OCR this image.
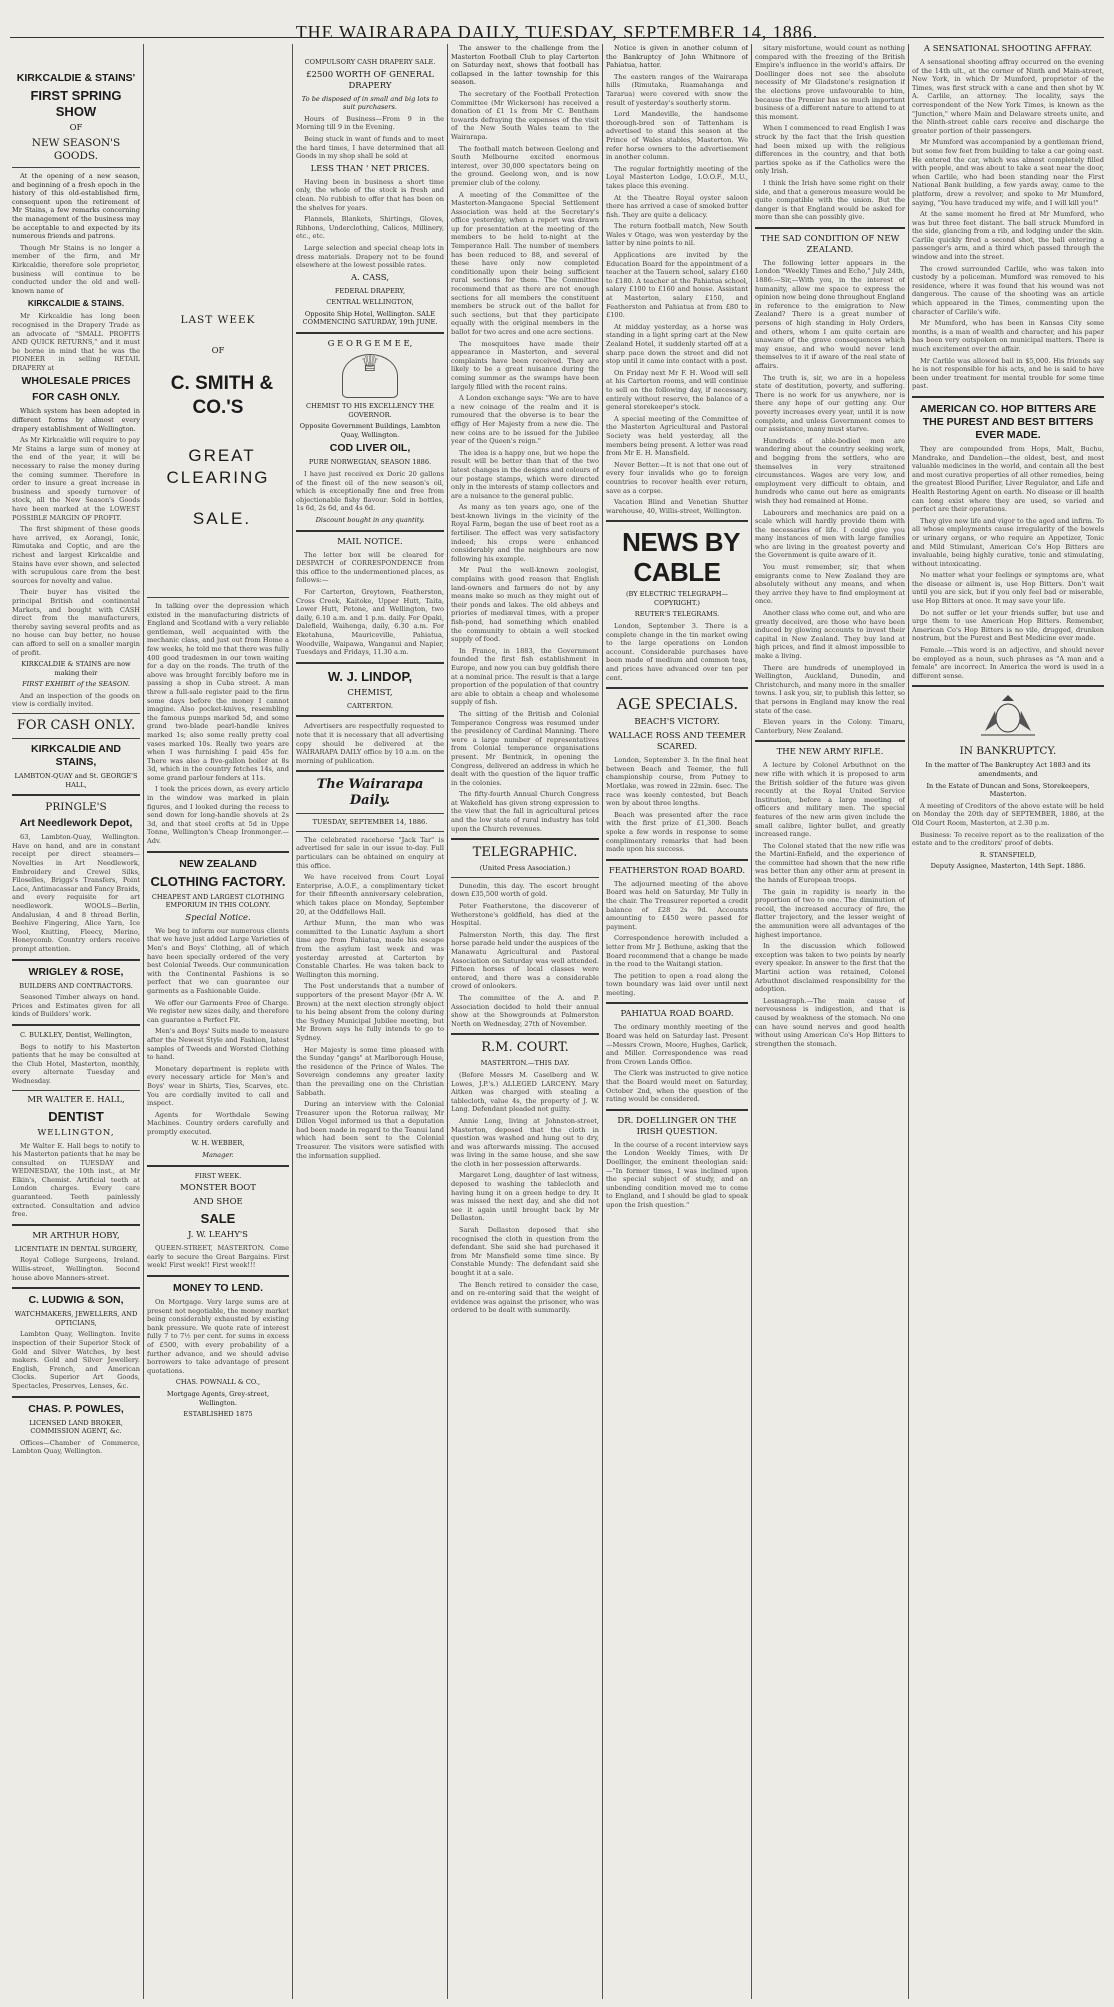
THE WAIRARAPA DAILY, TUESDAY, SEPTEMBER 14, 1886.

KIRKCALDIE & STAINS'

FIRST SPRING SHOW

OF

NEW SEASON'S GOODS.

At the opening of a new season, and beginning of a fresh epoch in the history of this old-established firm, consequent upon the retirement of Mr Stains, a few remarks concerning the management of the business may be acceptable to and expected by its numerous friends and patrons.

Though Mr Stains is no longer a member of the firm, and Mr Kirkcaldie, therefore sole proprietor, business will continue to be conducted under the old and well-known name of

KIRKCALDIE & STAINS.

Mr Kirkcaldie has long been recognised in the Drapery Trade as an advocate of "SMALL PROFITS AND QUICK RETURNS," and it must be borne in mind that he was the PIONEER in selling RETAIL DRAPERY at

WHOLESALE PRICES

FOR CASH ONLY.

Which system has been adopted in different forms by almost every drapery establishment of Wellington.

As Mr Kirkcaldie will require to pay Mr Stains a large sum of money at the end of the year, it will be necessary to raise the money during the coming summer. Therefore in order to insure a great increase in business and speedy turnover of stock, all the New Season's Goods have been marked at the LOWEST POSSIBLE MARGIN OF PROFIT.

The first shipment of these goods have arrived, ex Aorangi, Ionic, Rimutaka and Coptic, and are the richest and largest Kirkcaldie and Stains have ever shown, and selected with scrupulous care from the best sources for novelty and value.

Their buyer has visited the principal British and continental Markets, and bought with CASH direct from the manufacturers, thereby saving several profits and as no house can buy better, no house can afford to sell on a smaller margin of profit.

KIRKCALDIE & STAINS are now making their

FIRST EXHIBIT of the SEASON.

And an inspection of the goods on view is cordially invited.

FOR CASH ONLY.

KIRKCALDIE AND STAINS,

LAMBTON-QUAY and St. GEORGE'S HALL,

PRINGLE'S

Art Needlework Depot,

63, Lambton-Quay, Wellington. Have on hand, and are in constant receipt per direct steamers— Novelties in Art Needlework, Embroidery and Crewel Silks, Filoselles, Briggs's Transfers, Point Lace, Antimacassar and Fancy Braids, and every requisite for art needlework. WOOLS—Berlin, Andalusian, 4 and 8 thread Berlin, Beehive Fingering, Alice Yarn, Ice Wool, Knitting, Fleecy, Merino, Honeycomb. Country orders receive prompt attention.

WRIGLEY & ROSE,

BUILDERS AND CONTRACTORS.

Seasoned Timber always on hand. Prices and Estimates given for all kinds of Builders' work.

C. BULKLEY, Dentist, Wellington,

Begs to notify to his Masterton patients that he may be consulted at the Club Hotel, Masterton, monthly, every alternate Tuesday and Wednesday.

MR WALTER E. HALL,

DENTIST

WELLINGTON,

Mr Walter E. Hall begs to notify to his Masterton patients that he may be consulted on TUESDAY and WEDNESDAY, the 10th inst., at Mr Elkin's, Chemist. Artificial teeth at London charges. Every care guaranteed. Teeth painlessly extracted. Consultation and advice free.

MR ARTHUR HOBY,

LICENTIATE IN DENTAL SURGERY,

Royal College Surgeons, Ireland. Willis-street, Wellington. Second house above Manners-street.

C. LUDWIG & SON,

WATCHMAKERS, JEWELLERS, AND OPTICIANS,

Lambton Quay, Wellington. Invite inspection of their Superior Stock of Gold and Silver Watches, by best makers. Gold and Silver Jewellery. English, French, and American Clocks. Superior Art Goods, Spectacles, Preserves, Lenses, &c.

CHAS. P. POWLES,

LICENSED LAND BROKER, COMMISSION AGENT, &c.

Offices—Chamber of Commerce, Lambton Quay, Wellington.

LAST WEEK

OF

C. SMITH & CO.'S

GREAT CLEARING

SALE.

In talking over the depression which existed in the manufacturing districts of England and Scotland with a very reliable gentleman, well acquainted with the mechanic class, and just out from Home a few weeks, he told me that there was fully 400 good tradesmen in our town waiting for a day on the roads. The truth of the above was brought forcibly before me in passing a shop in Cuba street. A man threw a full-sale register paid to the firm some days before the money I cannot imagine. Also pocket-knives, resembling the famous pumps marked 5d, and some grand two-blade pearl-handle knives marked 1s; also some really pretty coal vases marked 10s. Really two years are when I was furnishing I paid 45s for. There was also a five-gallon boiler at 8s 3d, which in the country fetches 14s, and some grand parlour fenders at 11s.

I took the prices down, as every article in the window was marked in plain figures, and I looked during the recess to send down for long-handle shovels at 2s 3d, and that steel crofts at 5d in Uppe Tonne, Wellington's Cheap Ironmonger.—Adv.

NEW ZEALAND

CLOTHING FACTORY.

CHEAPEST AND LARGEST CLOTHING EMPORIUM IN THIS COLONY.

Special Notice.

We beg to inform our numerous clients that we have just added Large Varieties of Men's and Boys' Clothing, all of which have been specially ordered of the very best Colonial Tweeds. Our communication with the Continental Fashions is so perfect that we can guarantee our garments as a Fashionable Guide.

We offer our Garments Free of Charge. We register new sizes daily, and therefore can guarantee a Perfect Fit.

Men's and Boys' Suits made to measure after the Newest Style and Fashion, latest samples of Tweeds and Worsted Clothing to hand.

Monetary department is replete with every necessary article for Men's and Boys' wear in Shirts, Ties, Scarves, etc. You are cordially invited to call and inspect.

Agents for Worthdale Sewing Machines. Country orders carefully and promptly executed.

W. H. WEBBER,

Manager.

FIRST WEEK.

MONSTER BOOT

AND SHOE

SALE

J. W. LEAHY'S

QUEEN-STREET, MASTERTON. Come early to secure the Great Bargains. First week! First week!! First week!!!

MONEY TO LEND.

On Mortgage. Very large sums are at present not negotiable, the money market being considerably exhausted by existing bank pressure. We quote rate of interest fully 7 to 7½ per cent. for sums in excess of £500, with every probability of a further advance, and we should advise borrowers to take advantage of present quotations.

CHAS. POWNALL & CO.,

Mortgage Agents, Grey-street, Wellington.

ESTABLISHED 1875

COMPULSORY CASH DRAPERY SALE.

£2500 WORTH OF GENERAL DRAPERY

To be disposed of in small and big lots to suit purchasers.

Hours of Business—From 9 in the Morning till 9 in the Evening.

Being stuck in want of funds and to meet the hard times, I have determined that all Goods in my shop shall be sold at

LESS THAN ' NET PRICES.

Having been in business a short time only, the whole of the stock is fresh and clean. No rubbish to offer that has been on the shelves for years.

Flannels, Blankets, Shirtings, Gloves, Ribbons, Underclothing, Calicos, Millinery, etc., etc.

Large selection and special cheap lots in dress materials. Drapery not to be found elsewhere at the lowest possible rates.

A. CASS,

FEDERAL DRAPERY,

CENTRAL WELLINGTON,

Opposite Ship Hotel, Wellington. SALE COMMENCING SATURDAY, 19th JUNE.

G E O R G E M E E,

♕

CHEMIST TO HIS EXCELLENCY THE GOVERNOR.

Opposite Government Buildings, Lambton Quay, Wellington.

COD LIVER OIL,

PURE NORWEGIAN, SEASON 1886.

I have just received ex Doric 20 gallons of the finest oil of the new season's oil, which is exceptionally fine and free from objectionable fishy flavour. Sold in bottles, 1s 6d, 2s 6d, and 4s 6d.

Discount bought in any quantity.

MAIL NOTICE.

The letter box will be cleared for DESPATCH of CORRESPONDENCE from this office to the undermentioned places, as follows:—

For Carterton, Greytown, Featherston, Cross Creek, Kaitoke, Upper Hutt, Taita, Lower Hutt, Petone, and Wellington, two daily, 6.10 a.m. and 1 p.m. daily. For Opaki, Dalefield, Waihenga, daily, 6.30 a.m. For Eketahuna, Mauriceville, Pahiatua, Woodville, Waipawa, Wanganui and Napier, Tuesdays and Fridays, 11.30 a.m.

W. J. LINDOP,

CHEMIST,

CARTERTON.

Advertisers are respectfully requested to note that it is necessary that all advertising copy should be delivered at the WAIRARAPA DAILY office by 10 a.m. on the morning of publication.

The Wairarapa Daily.

TUESDAY, SEPTEMBER 14, 1886.

The celebrated racehorse "Jack Tar" is advertised for sale in our issue to-day. Full particulars can be obtained on enquiry at this office.

We have received from Court Loyal Enterprise, A.O.F., a complimentary ticket for their fifteenth anniversary celebration, which takes place on Monday, September 20, at the Oddfellows Hall.

Arthur Munn, the man who was committed to the Lunatic Asylum a short time ago from Pahiatua, made his escape from the asylum last week and was yesterday arrested at Carterton by Constable Charles. He was taken back to Wellington this morning.

The Post understands that a number of supporters of the present Mayor (Mr A. W. Brown) at the next election strongly object to his being absent from the colony during the Sydney Municipal Jubilee meeting, but Mr Brown says he fully intends to go to Sydney.

Her Majesty is some time pleased with the Sunday "gangs" at Marlborough House, the residence of the Prince of Wales. The Sovereign condemns any greater laxity than the prevailing one on the Christian Sabbath.

During an interview with the Colonial Treasurer upon the Rotorua railway, Mr Dillon Vogel informed us that a deputation had been made in regard to the Teanui land which had been sent to the Colonial Treasurer. The visitors were satisfied with the information supplied.

The answer to the challenge from the Masterton Football Club to play Carterton on Saturday next, shows that football has collapsed in the latter township for this season.

The secretary of the Football Protection Committee (Mr Wickerson) has received a donation of £1 1s from Mr C. Bentham towards defraying the expenses of the visit of the New South Wales team to the Wairarapa.

The football match between Geelong and South Melbourne excited enormous interest, over 30,000 spectators being on the ground. Geelong won, and is now premier club of the colony.

A meeting of the Committee of the Masterton-Mangaone Special Settlement Association was held at the Secretary's office yesterday, when a report was drawn up for presentation at the meeting of the members to be held to-night at the Temperance Hall. The number of members has been reduced to 88, and several of these have only now completed conditionally upon their being sufficient rural sections for them. The Committee recommend that as there are not enough sections for all members the constituent members be struck out of the ballot for such sections, but that they participate equally with the original members in the ballot for two acres and one acre sections.

The mosquitoes have made their appearance in Masterton, and several complaints have been received. They are likely to be a great nuisance during the coming summer as the swamps have been largely filled with the recent rains.

A London exchange says: "We are to have a new coinage of the realm and it is rumoured that the obverse is to bear the effigy of Her Majesty from a new die. The new coins are to be issued for the Jubilee year of the Queen's reign."

The idea is a happy one, but we hope the result will be better than that of the two latest changes in the designs and colours of our postage stamps, which were directed only in the interests of stamp collectors and are a nuisance to the general public.

As many as ten years ago, one of the best-known livings in the vicinity of the Royal Farm, began the use of beet root as a fertiliser. The effect was very satisfactory indeed; his crops were enhanced considerably and the neighbours are now following his example.

Mr Paul the well-known zoologist, complains with good reason that English land-owners and farmers do not by any means make so much as they might out of their ponds and lakes. The old abbeys and priories of mediæval times, with a proper fish-pond, had something which enabled the community to obtain a well stocked supply of food.

In France, in 1883, the Government founded the first fish establishment in Europe, and now you can buy goldfish there at a nominal price. The result is that a large proportion of the population of that country are able to obtain a cheap and wholesome supply of fish.

The sitting of the British and Colonial Temperance Congress was resumed under the presidency of Cardinal Manning. There were a large number of representatives from Colonial temperance organisations present. Mr Bentnick, in opening the Congress, delivered an address in which he dealt with the question of the liquor traffic in the colonies.

The fifty-fourth Annual Church Congress at Wakefield has given strong expression to the view that the fall in agricultural prices and the low state of rural industry has told upon the Church revenues.

TELEGRAPHIC.

(United Press Association.)

Dunedin, this day. The escort brought down £35,500 worth of gold.

Peter Featherstone, the discoverer of Wetherstone's goldfield, has died at the Hospital.

Palmerston North, this day. The first horse parade held under the auspices of the Manawatu Agricultural and Pastoral Association on Saturday was well attended. Fifteen horses of local classes were entered, and there was a considerable crowd of onlookers.

The committee of the A. and P. Association decided to hold their annual show at the Showgrounds at Palmerston North on Wednesday, 27th of November.

R.M. COURT.

MASTERTON.—THIS DAY.

(Before Messrs M. Caselberg and W. Lowes, J.P.'s.) ALLEGED LARCENY. Mary Aitken was charged with stealing a tablecloth, value 4s, the property of J. W. Lang. Defendant pleaded not guilty.

Annie Long, living at Johnston-street, Masterton, deposed that the cloth in question was washed and hung out to dry, and was afterwards missing. The accused was living in the same house, and she saw the cloth in her possession afterwards.

Margaret Long, daughter of last witness, deposed to washing the tablecloth and having hung it on a green hedge to dry. It was missed the next day, and she did not see it again until brought back by Mr Dellaston.

Sarah Dellaston deposed that she recognised the cloth in question from the defendant. She said she had purchased it from Mr Mansfield some time since. By Constable Mundy: The defendant said she bought it at a sale.

The Bench retired to consider the case, and on re-entering said that the weight of evidence was against the prisoner, who was ordered to be dealt with summarily.

Notice is given in another column of the Bankruptcy of John Whitmore of Pahiatua, hatter.

The eastern ranges of the Wairarapa hills (Rimutaka, Ruamahanga and Tararua) were covered with snow the result of yesterday's southerly storm.

Lord Mandeville, the handsome thorough-bred son of Tattenham is advertised to stand this season at the Prince of Wales stables, Masterton. We refer horse owners to the advertisement in another column.

The regular fortnightly meeting of the Loyal Masterton Lodge, I.O.O.F., M.U., takes place this evening.

At the Theatre Royal oyster saloon there has arrived a case of smoked butter fish. They are quite a delicacy.

The return football match, New South Wales v Otago, was won yesterday by the latter by nine points to nil.

Applications are invited by the Education Board for the appointment of a teacher at the Tauern school, salary £160 to £180. A teacher at the Pahiatua school, salary £100 to £160 and house. Assistant at Masterton, salary £150, and Featherston and Pahiatua at from £80 to £100.

At midday yesterday, as a horse was standing in a light spring cart at the New Zealand Hotel, it suddenly started off at a sharp pace down the street and did not stop until it came into contact with a post.

On Friday next Mr F. H. Wood will sell at his Carterton rooms, and will continue to sell on the following day, if necessary, entirely without reserve, the balance of a general storekeeper's stock.

A special meeting of the Committee of the Masterton Agricultural and Pastoral Society was held yesterday, all the members being present. A letter was read from Mr E. H. Mansfield.

Never Better.—It is not that one out of every four invalids who go to foreign countries to recover health ever return, save as a corpse.

Vacation Blind and Venetian Shutter warehouse, 40, Willis-street, Wellington.

NEWS BY CABLE

(BY ELECTRIC TELEGRAPH—COPYRIGHT.)

REUTER'S TELEGRAMS.

London, September 3. There is a complete change in the tin market owing to the large operations on London account. Considerable purchases have been made of medium and common teas, and prices have advanced over ten per cent.

AGE SPECIALS.

BEACH'S VICTORY.

WALLACE ROSS AND TEEMER SCARED.

London, September 3. In the final heat between Beach and Teemer, the full championship course, from Putney to Mortlake, was rowed in 22min. 6sec. The race was keenly contested, but Beach won by about three lengths.

Beach was presented after the race with the first prize of £1,300. Beach spoke a few words in response to some complimentary remarks that had been made upon his success.

FEATHERSTON ROAD BOARD.

The adjourned meeting of the above Board was held on Saturday, Mr Tully in the chair. The Treasurer reported a credit balance of £28 2s 9d. Accounts amounting to £450 were passed for payment.

Correspondence herewith included a letter from Mr J. Bethune, asking that the Board recommend that a change be made in the road to the Waitangi station.

The petition to open a road along the town boundary was laid over until next meeting.

PAHIATUA ROAD BOARD.

The ordinary monthly meeting of the Board was held on Saturday last. Present—Messrs Crown, Moore, Hughes, Garlick, and Miller. Correspondence was read from Crown Lands Office.

The Clerk was instructed to give notice that the Board would meet on Saturday, October 2nd, when the question of the rating would be considered.

DR. DOELLINGER ON THE IRISH QUESTION.

In the course of a recent interview says the London Weekly Times, with Dr Doellinger, the eminent theologian said:—"In former times, I was inclined upon the special subject of study, and an unbending condition moved me to come to England, and I should be glad to speak upon the Irish question."

sitary misfortune, would count as nothing compared with the freezing of the British Empire's influence in the world's affairs. Dr Doellinger does not see the absolute necessity of Mr Gladstone's resignation if the elections prove unfavourable to him, because the Premier has so much important business of a different nature to attend to at this moment.

When I commenced to read English I was struck by the fact that the Irish question had been mixed up with the religious differences in the country, and that both parties spoke as if the Catholics were the only Irish.

I think the Irish have some right on their side, and that a generous measure would be quite compatible with the union. But the danger is that England would be asked for more than she can possibly give.

THE SAD CONDITION OF NEW ZEALAND.

The following letter appears in the London "Weekly Times and Echo," July 24th, 1886:—Sir,—With you, in the interest of humanity, allow me space to express the opinion now being done throughout England in reference to the emigration to New Zealand? There is a great number of persons of high standing in Holy Orders, and others, whom I am quite certain are unaware of the grave consequences which may ensue, and who would never lend themselves to it if aware of the real state of affairs.

The truth is, sir, we are in a hopeless state of destitution, poverty, and suffering. There is no work for us anywhere, nor is there any hope of our getting any. Our poverty increases every year, until it is now complete, and unless Government comes to our assistance, many must starve.

Hundreds of able-bodied men are wandering about the country seeking work, and begging from the settlers, who are themselves in very straitened circumstances. Wages are very low, and employment very difficult to obtain, and hundreds who came out here as emigrants wish they had remained at Home.

Labourers and mechanics are paid on a scale which will hardly provide them with the necessaries of life. I could give you many instances of men with large families who are living in the greatest poverty and the Government is quite aware of it.

You must remember, sir, that when emigrants come to New Zealand they are absolutely without any means, and when they arrive they have to find employment at once.

Another class who come out, and who are greatly deceived, are those who have been induced by glowing accounts to invest their capital in New Zealand. They buy land at high prices, and find it almost impossible to make a living.

There are hundreds of unemployed in Wellington, Auckland, Dunedin, and Christchurch, and many more in the smaller towns. I ask you, sir, to publish this letter, so that persons in England may know the real state of the case.

Eleven years in the Colony. Timaru, Canterbury, New Zealand.

THE NEW ARMY RIFLE.

A lecture by Colonel Arbuthnot on the new rifle with which it is proposed to arm the British soldier of the future was given recently at the Royal United Service Institution, before a large meeting of officers and military men. The special features of the new arm given include the small calibre, lighter bullet, and greatly increased range.

The Colonel stated that the new rifle was the Martini-Enfield, and the experience of the committee had shown that the new rifle was better than any other arm at present in the hands of European troops.

The gain in rapidity is nearly in the proportion of two to one. The diminution of recoil, the increased accuracy of fire, the flatter trajectory, and the lesser weight of the ammunition were all advantages of the highest importance.

In the discussion which followed exception was taken to two points by nearly every speaker. In answer to the first that the Martini action was retained, Colonel Arbuthnot disclaimed responsibility for the adoption.

Lesmagraph.—The main cause of nervousness is indigestion, and that is caused by weakness of the stomach. No one can have sound nerves and good health without using American Co's Hop Bitters to strengthen the stomach.

A SENSATIONAL SHOOTING AFFRAY.

A sensational shooting affray occurred on the evening of the 14th ult., at the corner of Ninth and Main-street, New York, in which Dr Mumford, proprietor of the Times, was first struck with a cane and then shot by W. A. Carlile, an attorney. The locality, says the correspondent of the New York Times, is known as the "Junction," where Main and Delaware streets unite, and the Ninth-street cable cars receive and discharge the greater portion of their passengers.

Mr Mumford was accompanied by a gentleman friend, but some few feet from building to take a car going east. He entered the car, which was almost completely filled with people, and was about to take a seat near the door, when Carlile, who had been standing near the First National Bank building, a few yards away, came to the platform, drew a revolver, and spoke to Mr Mumford, saying, "You have traduced my wife, and I will kill you!"

At the same moment he fired at Mr Mumford, who was but three feet distant. The ball struck Mumford in the side, glancing from a rib, and lodging under the skin. Carlile quickly fired a second shot, the ball entering a passenger's arm, and a third which passed through the window and into the street.

The crowd surrounded Carlile, who was taken into custody by a policeman. Mumford was removed to his residence, where it was found that his wound was not dangerous. The cause of the shooting was an article which appeared in the Times, commenting upon the character of Carlile's wife.

Mr Mumford, who has been in Kansas City some months, is a man of wealth and character, and his paper has been very outspoken on municipal matters. There is much excitement over the affair.

Mr Carlile was allowed bail in $5,000. His friends say he is not responsible for his acts, and he is said to have been under treatment for mental trouble for some time past.

AMERICAN CO. HOP BITTERS ARE THE PUREST AND BEST BITTERS EVER MADE.

They are compounded from Hops, Malt, Buchu, Mandrake, and Dandelion—the oldest, best, and most valuable medicines in the world, and contain all the best and most curative properties of all other remedies, being the greatest Blood Purifier, Liver Regulator, and Life and Health Restoring Agent on earth. No disease or ill health can long exist where they are used, so varied and perfect are their operations.

They give new life and vigor to the aged and infirm. To all whose employments cause irregularity of the bowels or urinary organs, or who require an Appetizer, Tonic and Mild Stimulant, American Co's Hop Bitters are invaluable, being highly curative, tonic and stimulating, without intoxicating.

No matter what your feelings or symptoms are, what the disease or ailment is, use Hop Bitters. Don't wait until you are sick, but if you only feel bad or miserable, use Hop Bitters at once. It may save your life.

Do not suffer or let your friends suffer, but use and urge them to use American Hop Bitters. Remember, American Co's Hop Bitters is no vile, drugged, drunken nostrum, but the Purest and Best Medicine ever made.

Female.—This word is an adjective, and should never be employed as a noun, such phrases as "A man and a female" are incorrect. In America the word is used in a different sense.

IN BANKRUPTCY.

In the matter of The Bankruptcy Act 1883 and its amendments, and

In the Estate of Duncan and Sons, Storekeepers, Masterton.

A meeting of Creditors of the above estate will be held on Monday the 20th day of SEPTEMBER, 1886, at the Old Court Room, Masterton, at 2.30 p.m.

Business: To receive report as to the realization of the estate and to the creditors' proof of debts.

R. STANSFIELD,

Deputy Assignee, Masterton, 14th Sept. 1886.
